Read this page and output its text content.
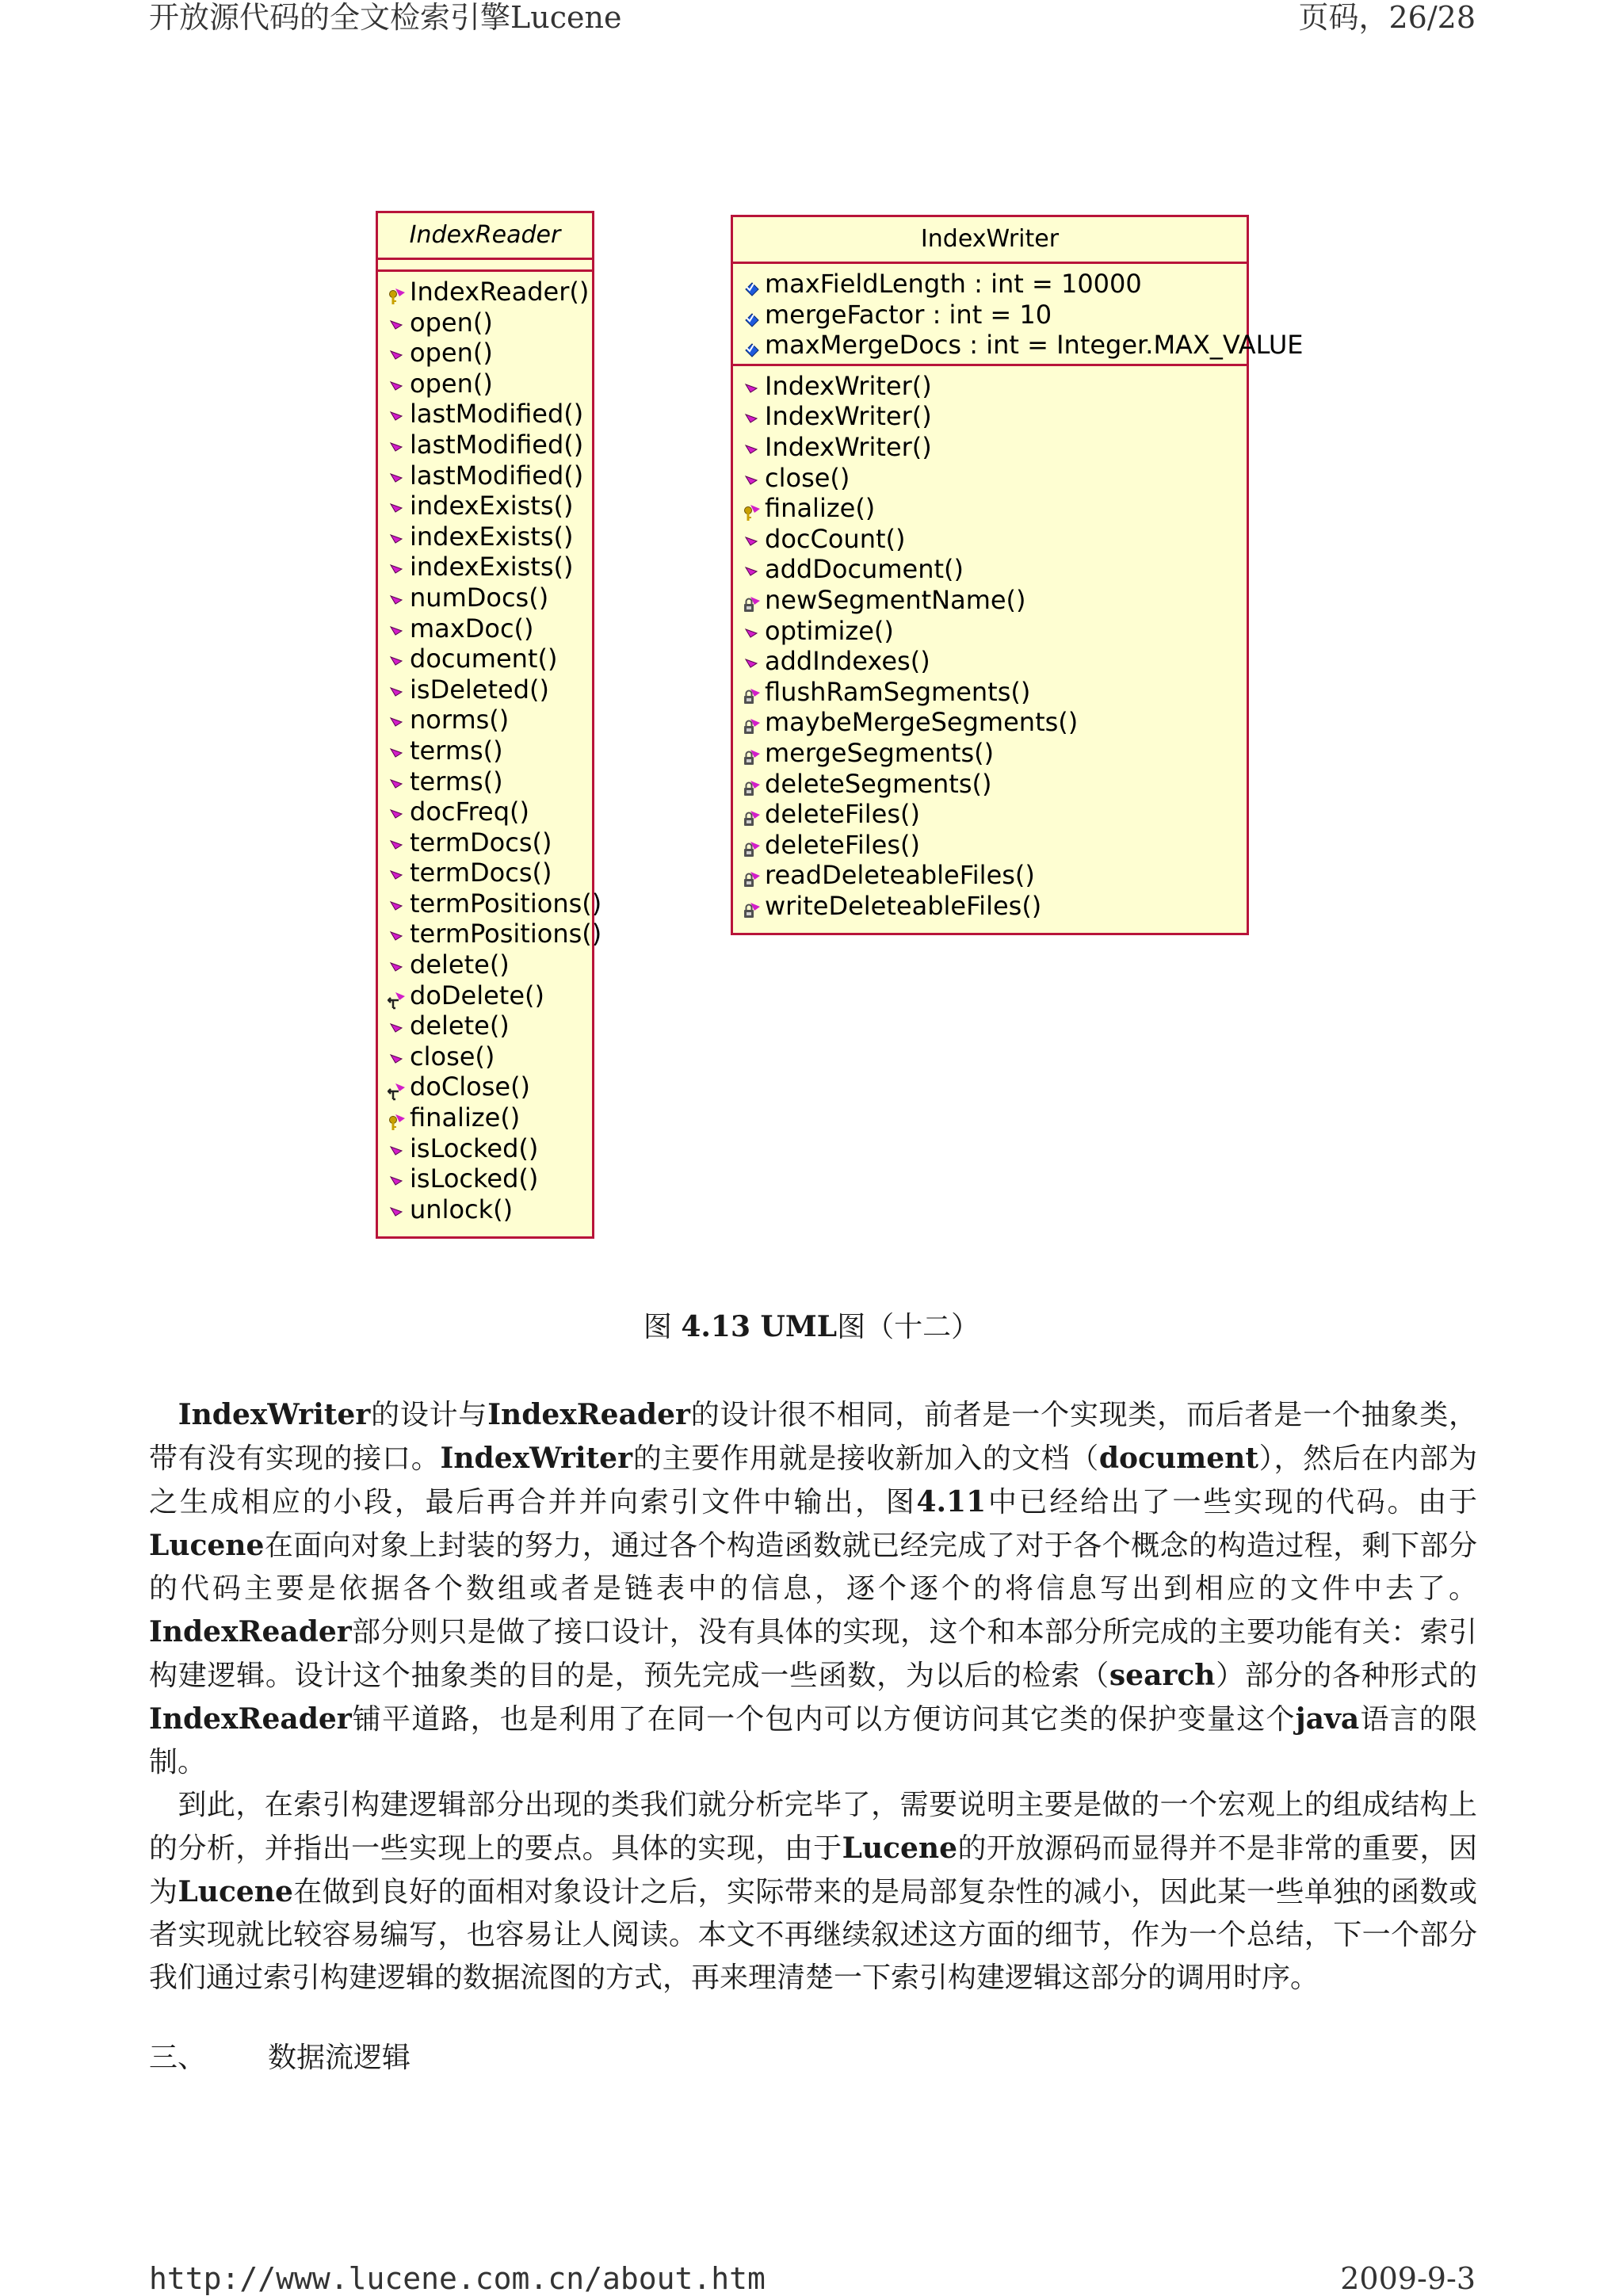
开放源代码的全文检索引擎Lucene	页码，26/28
IndexReader
IndexReader()
open()
open()
open()
lastModified()
lastModified()
lastModified()
indexExists()
indexExists()
indexExists()
numDocs()
maxDoc()
document()
isDeleted()
norms()
terms()
terms()
docFreq()
termDocs()
termDocs()
termPositions()
termPositions()
delete()
doDelete()
delete()
close()
doClose()
finalize()
isLocked()
isLocked()
unlock()
IndexWriter
maxFieldLength : int = 10000
mergeFactor : int = 10
maxMergeDocs : int = Integer.MAX_VALUE
IndexWriter()
IndexWriter()
IndexWriter()
close()
finalize()
docCount()
addDocument()
newSegmentName()
optimize()
addIndexes()
flushRamSegments()
maybeMergeSegments()
mergeSegments()
deleteSegments()
deleteFiles()
deleteFiles()
readDeleteableFiles()
writeDeleteableFiles()
图 4.13 UML图（十二）

　IndexWriter的设计与IndexReader的设计很不相同，前者是一个实现类，而后者是一个抽象类，带有没有实现的接口。IndexWriter的主要作用就是接收新加入的文档（document），然后在内部为之生成相应的小段，最后再合并并向索引文件中输出，图4.11中已经给出了一些实现的代码。由于Lucene在面向对象上封装的努力，通过各个构造函数就已经完成了对于各个概念的构造过程，剩下部分的代码主要是依据各个数组或者是链表中的信息，逐个逐个的将信息写出到相应的文件中去了。IndexReader部分则只是做了接口设计，没有具体的实现，这个和本部分所完成的主要功能有关：索引构建逻辑。设计这个抽象类的目的是，预先完成一些函数，为以后的检索（search）部分的各种形式的IndexReader铺平道路，也是利用了在同一个包内可以方便访问其它类的保护变量这个java语言的限制。

　到此，在索引构建逻辑部分出现的类我们就分析完毕了，需要说明主要是做的一个宏观上的组成结构上的分析，并指出一些实现上的要点。具体的实现，由于Lucene的开放源码而显得并不是非常的重要，因为Lucene在做到良好的面相对象设计之后，实际带来的是局部复杂性的减小，因此某一些单独的函数或者实现就比较容易编写，也容易让人阅读。本文不再继续叙述这方面的细节，作为一个总结，下一个部分我们通过索引构建逻辑的数据流图的方式，再来理清楚一下索引构建逻辑这部分的调用时序。

三、 数据流逻辑
http://www.lucene.com.cn/about.htm	2009-9-3
